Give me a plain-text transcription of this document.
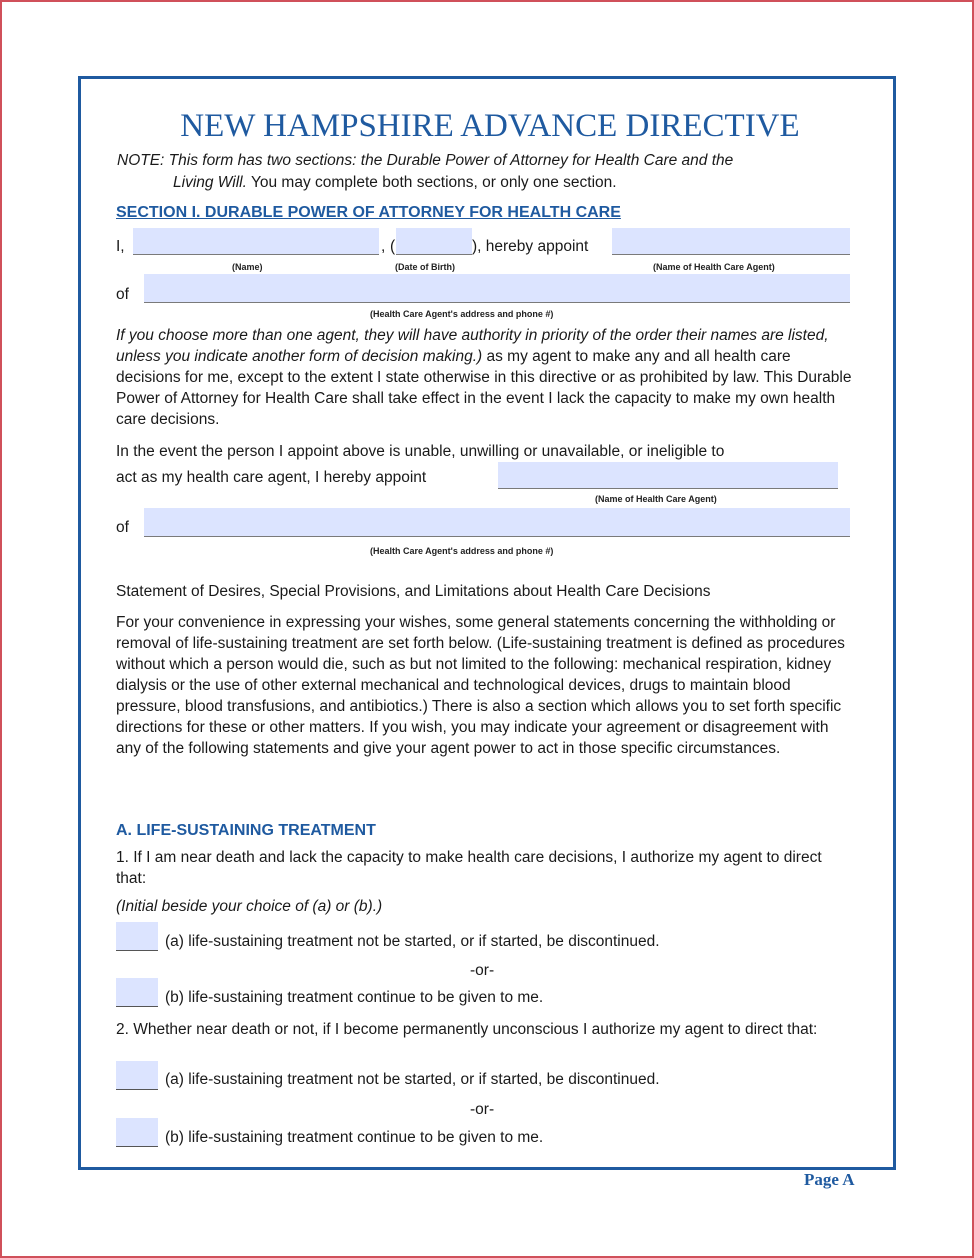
NEW HAMPSHIRE ADVANCE DIRECTIVE
NOTE: This form has two sections: the Durable Power of Attorney for Health Care and the
Living Will. You may complete both sections, or only one section.
SECTION I. DURABLE POWER OF ATTORNEY FOR HEALTH CARE
I,	, (	), hereby appoint
(Name)	(Date of Birth)	(Name of Health Care Agent)
of
(Health Care Agent's address and phone #)
If you choose more than one agent, they will have authority in priority of the order their names are listed, unless you indicate another form of decision making.) as my agent to make any and all health care decisions for me, except to the extent I state otherwise in this directive or as prohibited by law. This Durable Power of Attorney for Health Care shall take effect in the event I lack the capacity to make my own health care decisions.
In the event the person I appoint above is unable, unwilling or unavailable, or ineligible to
act as my health care agent, I hereby appoint
(Name of Health Care Agent)
of
(Health Care Agent's address and phone #)
Statement of Desires, Special Provisions, and Limitations about Health Care Decisions
For your convenience in expressing your wishes, some general statements concerning the withholding or removal of life-sustaining treatment are set forth below. (Life-sustaining treatment is defined as procedures without which a person would die, such as but not limited to the following: mechanical respiration, kidney dialysis or the use of other external mechanical and technological devices, drugs to maintain blood pressure, blood transfusions, and antibiotics.) There is also a section which allows you to set forth specific directions for these or other matters. If you wish, you may indicate your agreement or disagreement with any of the following statements and give your agent power to act in those specific circumstances.
A. LIFE-SUSTAINING TREATMENT
1. If I am near death and lack the capacity to make health care decisions, I authorize my agent to direct that:
(Initial beside your choice of (a) or (b).)
(a) life-sustaining treatment not be started, or if started, be discontinued.
-or-
(b) life-sustaining treatment continue to be given to me.
2. Whether near death or not, if I become permanently unconscious I authorize my agent to direct that:
(a) life-sustaining treatment not be started, or if started, be discontinued.
-or-
(b) life-sustaining treatment continue to be given to me.
Page A
